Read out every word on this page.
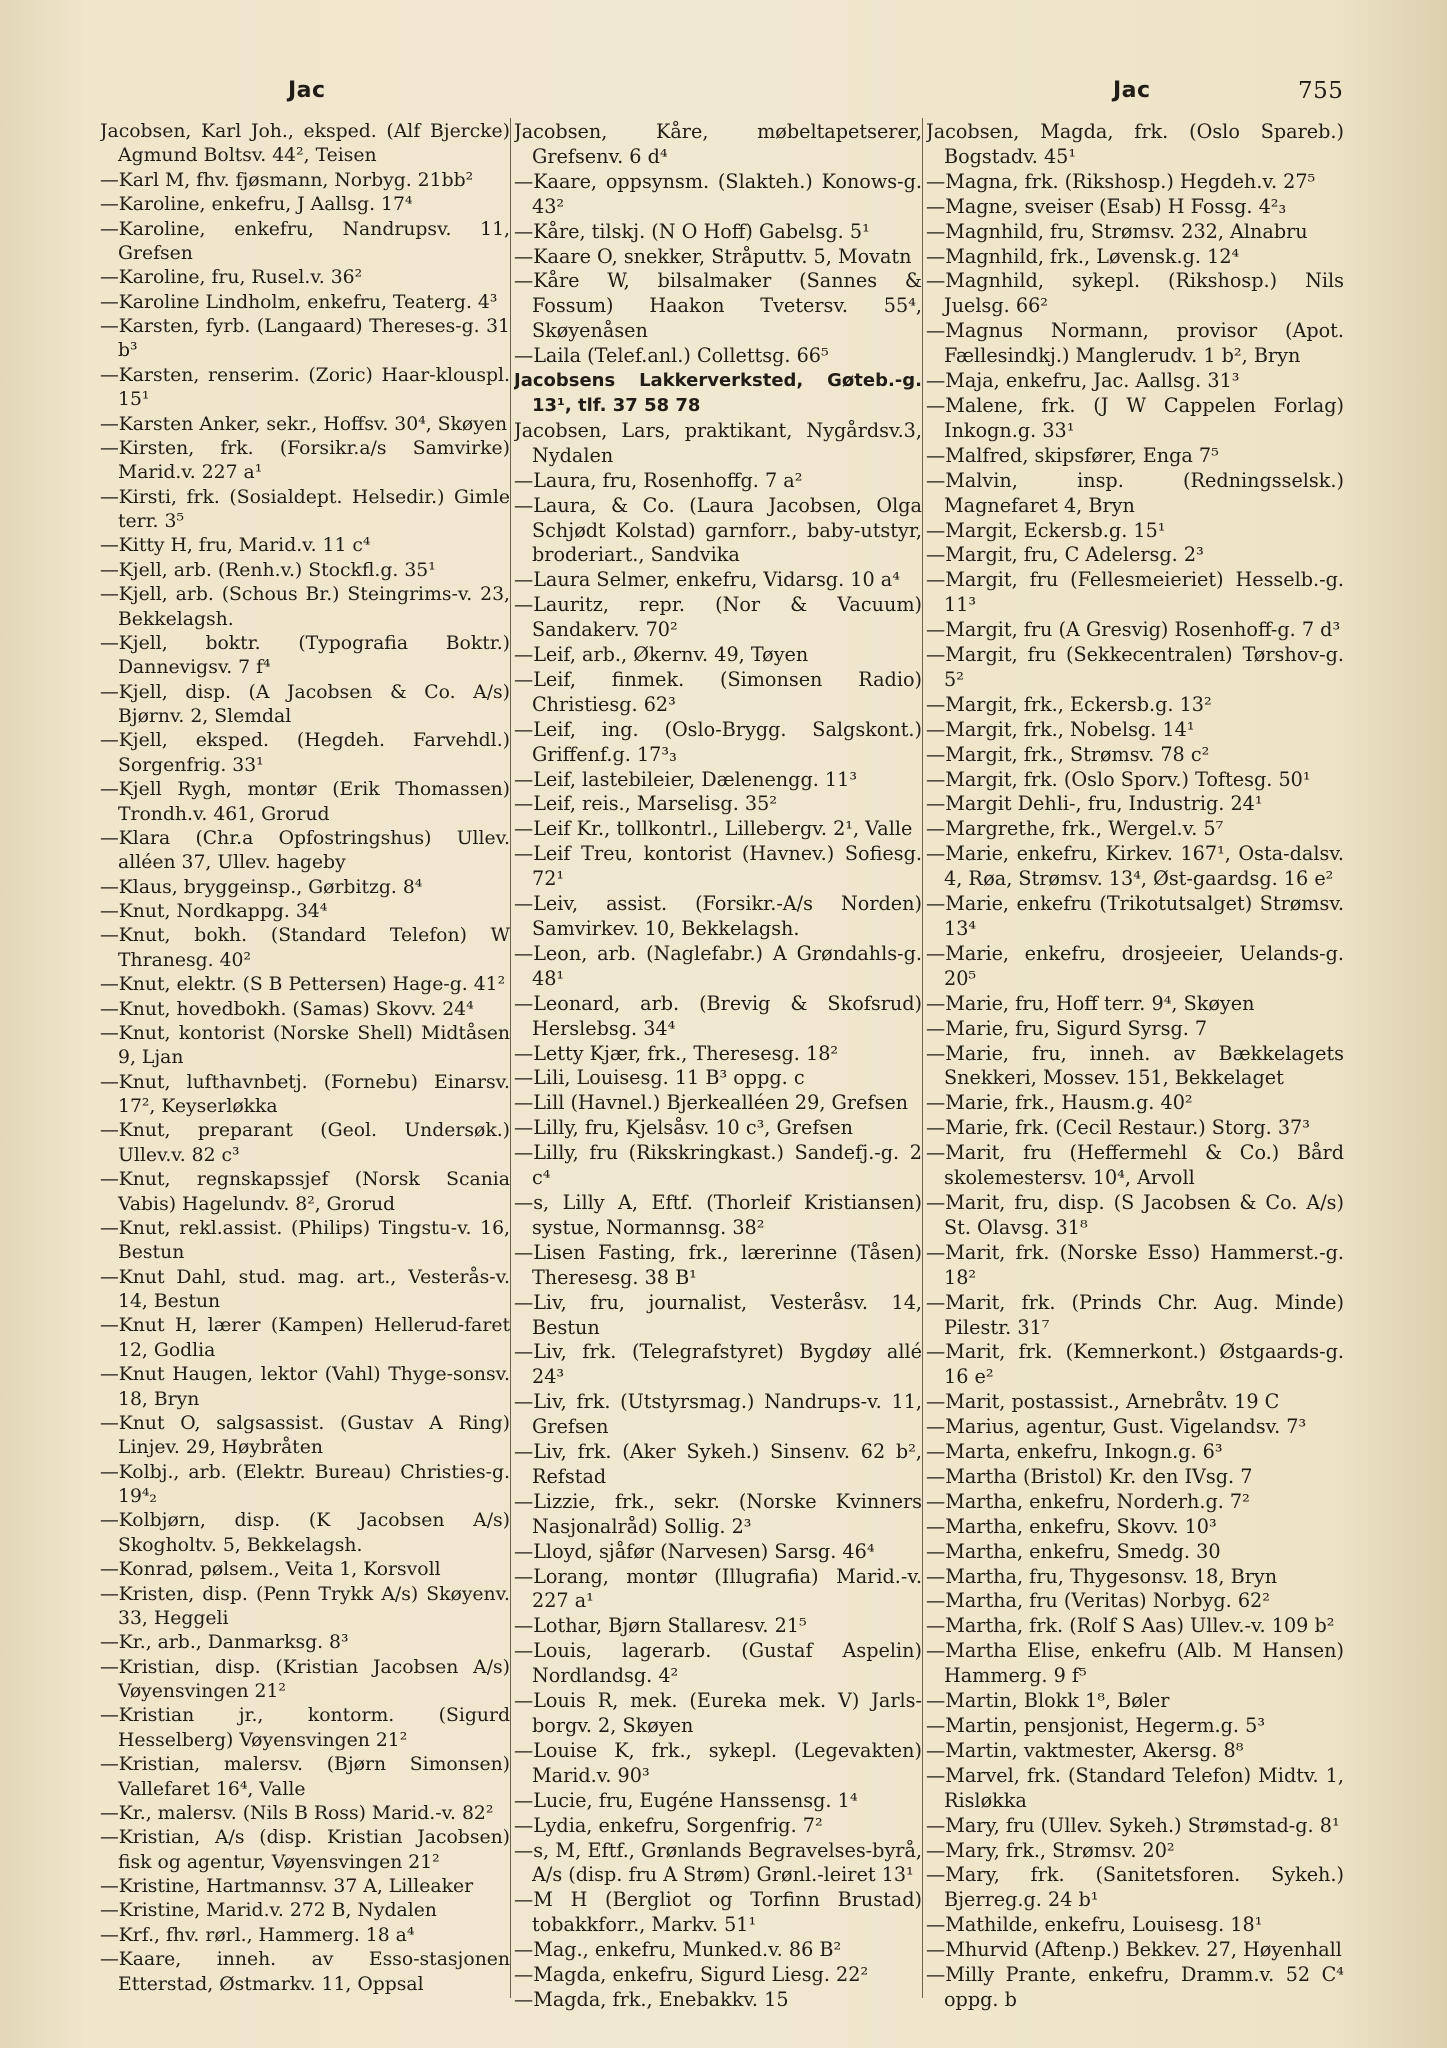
Jac	Jac	755

Jacobsen, Karl Joh., eksped. (Alf Bjercke) Agmund Boltsv. 44², Teisen

—Karl M, fhv. fjøsmann, Norbyg. 21bb²

—Karoline, enkefru, J Aallsg. 17⁴

—Karoline, enkefru, Nandrupsv. 11, Grefsen

—Karoline, fru, Rusel.v. 36²

—Karoline Lindholm, enkefru, Teaterg. 4³

—Karsten, fyrb. (Langaard) Thereses-g. 31 b³

—Karsten, renserim. (Zoric) Haar-klouspl. 15¹

—Karsten Anker, sekr., Hoffsv. 30⁴, Skøyen

—Kirsten, frk. (Forsikr.a/s Samvirke) Marid.v. 227 a¹

—Kirsti, frk. (Sosialdept. Helsedir.) Gimle terr. 3⁵

—Kitty H, fru, Marid.v. 11 c⁴

—Kjell, arb. (Renh.v.) Stockfl.g. 35¹

—Kjell, arb. (Schous Br.) Steingrims-v. 23, Bekkelagsh.

—Kjell, boktr. (Typografia Boktr.) Dannevigsv. 7 f⁴

—Kjell, disp. (A Jacobsen & Co. A/s) Bjørnv. 2, Slemdal

—Kjell, eksped. (Hegdeh. Farvehdl.) Sorgenfrig. 33¹

—Kjell Rygh, montør (Erik Thomassen) Trondh.v. 461, Grorud

—Klara (Chr.a Opfostringshus) Ullev. alléen 37, Ullev. hageby

—Klaus, bryggeinsp., Gørbitzg. 8⁴

—Knut, Nordkappg. 34⁴

—Knut, bokh. (Standard Telefon) W Thranesg. 40²

—Knut, elektr. (S B Pettersen) Hage-g. 41²

—Knut, hovedbokh. (Samas) Skovv. 24⁴

—Knut, kontorist (Norske Shell) Midtåsen 9, Ljan

—Knut, lufthavnbetj. (Fornebu) Einarsv. 17², Keyserløkka

—Knut, preparant (Geol. Undersøk.) Ullev.v. 82 c³

—Knut, regnskapssjef (Norsk Scania Vabis) Hagelundv. 8², Grorud

—Knut, rekl.assist. (Philips) Tingstu-v. 16, Bestun

—Knut Dahl, stud. mag. art., Vesterås-v. 14, Bestun

—Knut H, lærer (Kampen) Hellerud-faret 12, Godlia

—Knut Haugen, lektor (Vahl) Thyge-sonsv. 18, Bryn

—Knut O, salgsassist. (Gustav A Ring) Linjev. 29, Høybråten

—Kolbj., arb. (Elektr. Bureau) Christies-g. 19⁴₂

—Kolbjørn, disp. (K Jacobsen A/s) Skogholtv. 5, Bekkelagsh.

—Konrad, pølsem., Veita 1, Korsvoll

—Kristen, disp. (Penn Trykk A/s) Skøyenv. 33, Heggeli

—Kr., arb., Danmarksg. 8³

—Kristian, disp. (Kristian Jacobsen A/s) Vøyensvingen 21²

—Kristian jr., kontorm. (Sigurd Hesselberg) Vøyensvingen 21²

—Kristian, malersv. (Bjørn Simonsen) Vallefaret 16⁴, Valle

—Kr., malersv. (Nils B Ross) Marid.-v. 82²

—Kristian, A/s (disp. Kristian Jacobsen) fisk og agentur, Vøyensvingen 21²

—Kristine, Hartmannsv. 37 A, Lilleaker

—Kristine, Marid.v. 272 B, Nydalen

—Krf., fhv. rørl., Hammerg. 18 a⁴

—Kaare, inneh. av Esso-stasjonen Etterstad, Østmarkv. 11, Oppsal

Jacobsen, Kåre, møbeltapetserer, Grefsenv. 6 d⁴

—Kaare, oppsynsm. (Slakteh.) Konows-g. 43²

—Kåre, tilskj. (N O Hoff) Gabelsg. 5¹

—Kaare O, snekker, Stråputtv. 5, Movatn

—Kåre W, bilsalmaker (Sannes & Fossum) Haakon Tvetersv. 55⁴, Skøyenåsen

—Laila (Telef.anl.) Collettsg. 66⁵

Jacobsens Lakkerverksted, Gøteb.-g. 13¹, tlf. 37 58 78

Jacobsen, Lars, praktikant, Nygårdsv.3, Nydalen

—Laura, fru, Rosenhoffg. 7 a²

—Laura, & Co. (Laura Jacobsen, Olga Schjødt Kolstad) garnforr., baby-utstyr, broderiart., Sandvika

—Laura Selmer, enkefru, Vidarsg. 10 a⁴

—Lauritz, repr. (Nor & Vacuum) Sandakerv. 70²

—Leif, arb., Økernv. 49, Tøyen

—Leif, finmek. (Simonsen Radio) Christiesg. 62³

—Leif, ing. (Oslo-Brygg. Salgskont.) Griffenf.g. 17³₃

—Leif, lastebileier, Dælenengg. 11³

—Leif, reis., Marselisg. 35²

—Leif Kr., tollkontrl., Lillebergv. 2¹, Valle

—Leif Treu, kontorist (Havnev.) Sofiesg. 72¹

—Leiv, assist. (Forsikr.-A/s Norden) Samvirkev. 10, Bekkelagsh.

—Leon, arb. (Naglefabr.) A Grøndahls-g. 48¹

—Leonard, arb. (Brevig & Skofsrud) Herslebsg. 34⁴

—Letty Kjær, frk., Theresesg. 18²

—Lili, Louisesg. 11 B³ oppg. c

—Lill (Havnel.) Bjerkealléen 29, Grefsen

—Lilly, fru, Kjelsåsv. 10 c³, Grefsen

—Lilly, fru (Rikskringkast.) Sandefj.-g. 2 c⁴

—s, Lilly A, Eftf. (Thorleif Kristiansen) systue, Normannsg. 38²

—Lisen Fasting, frk., lærerinne (Tåsen) Theresesg. 38 B¹

—Liv, fru, journalist, Vesteråsv. 14, Bestun

—Liv, frk. (Telegrafstyret) Bygdøy allé 24³

—Liv, frk. (Utstyrsmag.) Nandrups-v. 11, Grefsen

—Liv, frk. (Aker Sykeh.) Sinsenv. 62 b², Refstad

—Lizzie, frk., sekr. (Norske Kvinners Nasjonalråd) Sollig. 2³

—Lloyd, sjåfør (Narvesen) Sarsg. 46⁴

—Lorang, montør (Illugrafia) Marid.-v. 227 a¹

—Lothar, Bjørn Stallaresv. 21⁵

—Louis, lagerarb. (Gustaf Aspelin) Nordlandsg. 4²

—Louis R, mek. (Eureka mek. V) Jarls-borgv. 2, Skøyen

—Louise K, frk., sykepl. (Legevakten) Marid.v. 90³

—Lucie, fru, Eugéne Hanssensg. 1⁴

—Lydia, enkefru, Sorgenfrig. 7²

—s, M, Eftf., Grønlands Begravelses-byrå, A/s (disp. fru A Strøm) Grønl.-leiret 13¹

—M H (Bergliot og Torfinn Brustad) tobakkforr., Markv. 51¹

—Mag., enkefru, Munked.v. 86 B²

—Magda, enkefru, Sigurd Liesg. 22²

—Magda, frk., Enebakkv. 15

Jacobsen, Magda, frk. (Oslo Spareb.) Bogstadv. 45¹

—Magna, frk. (Rikshosp.) Hegdeh.v. 27⁵

—Magne, sveiser (Esab) H Fossg. 4²₃

—Magnhild, fru, Strømsv. 232, Alnabru

—Magnhild, frk., Løvensk.g. 12⁴

—Magnhild, sykepl. (Rikshosp.) Nils Juelsg. 66²

—Magnus Normann, provisor (Apot. Fællesindkj.) Manglerudv. 1 b², Bryn

—Maja, enkefru, Jac. Aallsg. 31³

—Malene, frk. (J W Cappelen Forlag) Inkogn.g. 33¹

—Malfred, skipsfører, Enga 7⁵

—Malvin, insp. (Redningsselsk.) Magnefaret 4, Bryn

—Margit, Eckersb.g. 15¹

—Margit, fru, C Adelersg. 2³

—Margit, fru (Fellesmeieriet) Hesselb.-g. 11³

—Margit, fru (A Gresvig) Rosenhoff-g. 7 d³

—Margit, fru (Sekkecentralen) Tørshov-g. 5²

—Margit, frk., Eckersb.g. 13²

—Margit, frk., Nobelsg. 14¹

—Margit, frk., Strømsv. 78 c²

—Margit, frk. (Oslo Sporv.) Toftesg. 50¹

—Margit Dehli-, fru, Industrig. 24¹

—Margrethe, frk., Wergel.v. 5⁷

—Marie, enkefru, Kirkev. 167¹, Osta-dalsv. 4, Røa, Strømsv. 13⁴, Øst-gaardsg. 16 e²

—Marie, enkefru (Trikotutsalget) Strømsv. 13⁴

—Marie, enkefru, drosjeeier, Uelands-g. 20⁵

—Marie, fru, Hoff terr. 9⁴, Skøyen

—Marie, fru, Sigurd Syrsg. 7

—Marie, fru, inneh. av Bækkelagets Snekkeri, Mossev. 151, Bekkelaget

—Marie, frk., Hausm.g. 40²

—Marie, frk. (Cecil Restaur.) Storg. 37³

—Marit, fru (Heffermehl & Co.) Bård skolemestersv. 10⁴, Arvoll

—Marit, fru, disp. (S Jacobsen & Co. A/s) St. Olavsg. 31⁸

—Marit, frk. (Norske Esso) Hammerst.-g. 18²

—Marit, frk. (Prinds Chr. Aug. Minde) Pilestr. 31⁷

—Marit, frk. (Kemnerkont.) Østgaards-g. 16 e²

—Marit, postassist., Arnebråtv. 19 C

—Marius, agentur, Gust. Vigelandsv. 7³

—Marta, enkefru, Inkogn.g. 6³

—Martha (Bristol) Kr. den IVsg. 7

—Martha, enkefru, Norderh.g. 7²

—Martha, enkefru, Skovv. 10³

—Martha, enkefru, Smedg. 30

—Martha, fru, Thygesonsv. 18, Bryn

—Martha, fru (Veritas) Norbyg. 62²

—Martha, frk. (Rolf S Aas) Ullev.-v. 109 b²

—Martha Elise, enkefru (Alb. M Hansen) Hammerg. 9 f⁵

—Martin, Blokk 1⁸, Bøler

—Martin, pensjonist, Hegerm.g. 5³

—Martin, vaktmester, Akersg. 8⁸

—Marvel, frk. (Standard Telefon) Midtv. 1, Risløkka

—Mary, fru (Ullev. Sykeh.) Strømstad-g. 8¹

—Mary, frk., Strømsv. 20²

—Mary, frk. (Sanitetsforen. Sykeh.) Bjerreg.g. 24 b¹

—Mathilde, enkefru, Louisesg. 18¹

—Mhurvid (Aftenp.) Bekkev. 27, Høyenhall

—Milly Prante, enkefru, Dramm.v. 52 C⁴ oppg. b
